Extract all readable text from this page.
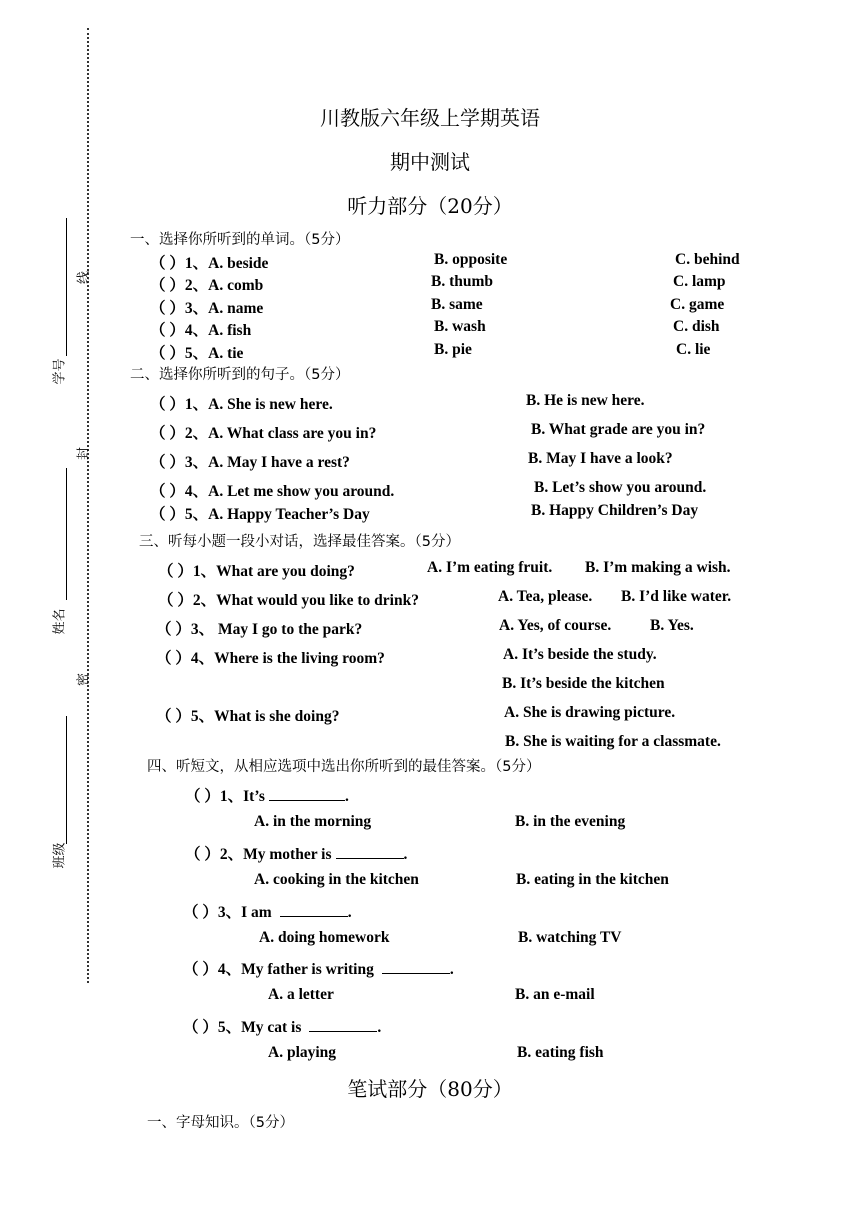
学号
线
封
姓名
密
班级
川教版六年级上学期英语
期中测试
听力部分（20分）
一、选择你所听到的单词。（5分）
（ ）1、A. beside	B. opposite	C. behind
（ ）2、A. comb	B. thumb	C. lamp
（ ）3、A. name	B. same	C. game
（ ）4、A. fish	B. wash	C. dish
（ ）5、A. tie	B. pie	C. lie
二、选择你所听到的句子。（5分）
（ ）1、A. She is new here.	B. He is new here.
（ ）2、A. What class are you in?	B. What grade are you in?
（ ）3、A. May I have a rest?	B. May I have a look?
（ ）4、A. Let me show you around.	B. Let’s show you around.
（ ）5、A. Happy Teacher’s Day	B. Happy Children’s Day
三、听每小题一段小对话，选择最佳答案。（5分）
（ ）1、What are you doing?	A. I’m eating fruit. B. I’m making a wish.
（ ）2、What would you like to drink?	A. Tea, please. B. I’d like water.
（ ）3、 May I go to the park?	A. Yes, of course.	B. Yes.
（ ）4、Where is the living room?	A. It’s beside the study.
B. It’s beside the kitchen
（ ）5、What is she doing?	A. She is drawing picture.
B. She is waiting for a classmate.
四、听短文，从相应选项中选出你所听到的最佳答案。（5分）
（ ）1、It’s	.
A. in the morning	B. in the evening
（ ）2、My mother is	.
A. cooking in the kitchen	B. eating in the kitchen
（ ）3、I am	.
A. doing homework	B. watching TV
（ ）4、My father is writing	.
A. a letter	B. an e-mail
（ ）5、My cat is	.
A. playing	B. eating fish
笔试部分（80分）
一、字母知识。（5分）
